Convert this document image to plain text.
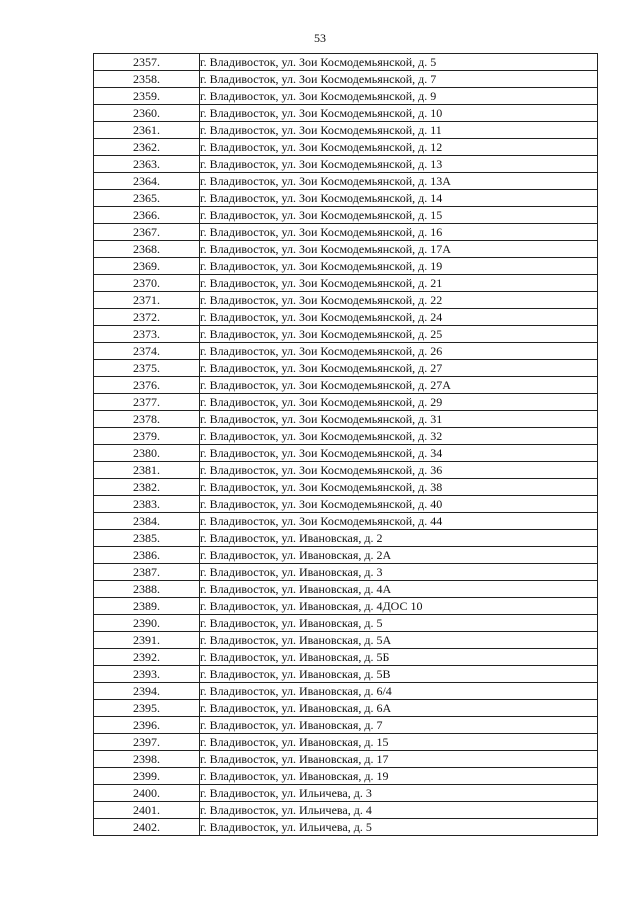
53
2357.	г. Владивосток, ул. Зои Космодемьянской, д. 5
2358.	г. Владивосток, ул. Зои Космодемьянской, д. 7
2359.	г. Владивосток, ул. Зои Космодемьянской, д. 9
2360.	г. Владивосток, ул. Зои Космодемьянской, д. 10
2361.	г. Владивосток, ул. Зои Космодемьянской, д. 11
2362.	г. Владивосток, ул. Зои Космодемьянской, д. 12
2363.	г. Владивосток, ул. Зои Космодемьянской, д. 13
2364.	г. Владивосток, ул. Зои Космодемьянской, д. 13А
2365.	г. Владивосток, ул. Зои Космодемьянской, д. 14
2366.	г. Владивосток, ул. Зои Космодемьянской, д. 15
2367.	г. Владивосток, ул. Зои Космодемьянской, д. 16
2368.	г. Владивосток, ул. Зои Космодемьянской, д. 17А
2369.	г. Владивосток, ул. Зои Космодемьянской, д. 19
2370.	г. Владивосток, ул. Зои Космодемьянской, д. 21
2371.	г. Владивосток, ул. Зои Космодемьянской, д. 22
2372.	г. Владивосток, ул. Зои Космодемьянской, д. 24
2373.	г. Владивосток, ул. Зои Космодемьянской, д. 25
2374.	г. Владивосток, ул. Зои Космодемьянской, д. 26
2375.	г. Владивосток, ул. Зои Космодемьянской, д. 27
2376.	г. Владивосток, ул. Зои Космодемьянской, д. 27А
2377.	г. Владивосток, ул. Зои Космодемьянской, д. 29
2378.	г. Владивосток, ул. Зои Космодемьянской, д. 31
2379.	г. Владивосток, ул. Зои Космодемьянской, д. 32
2380.	г. Владивосток, ул. Зои Космодемьянской, д. 34
2381.	г. Владивосток, ул. Зои Космодемьянской, д. 36
2382.	г. Владивосток, ул. Зои Космодемьянской, д. 38
2383.	г. Владивосток, ул. Зои Космодемьянской, д. 40
2384.	г. Владивосток, ул. Зои Космодемьянской, д. 44
2385.	г. Владивосток, ул. Ивановская, д. 2
2386.	г. Владивосток, ул. Ивановская, д. 2А
2387.	г. Владивосток, ул. Ивановская, д. 3
2388.	г. Владивосток, ул. Ивановская, д. 4А
2389.	г. Владивосток, ул. Ивановская, д. 4ДОС 10
2390.	г. Владивосток, ул. Ивановская, д. 5
2391.	г. Владивосток, ул. Ивановская, д. 5А
2392.	г. Владивосток, ул. Ивановская, д. 5Б
2393.	г. Владивосток, ул. Ивановская, д. 5В
2394.	г. Владивосток, ул. Ивановская, д. 6/4
2395.	г. Владивосток, ул. Ивановская, д. 6А
2396.	г. Владивосток, ул. Ивановская, д. 7
2397.	г. Владивосток, ул. Ивановская, д. 15
2398.	г. Владивосток, ул. Ивановская, д. 17
2399.	г. Владивосток, ул. Ивановская, д. 19
2400.	г. Владивосток, ул. Ильичева, д. 3
2401.	г. Владивосток, ул. Ильичева, д. 4
2402.	г. Владивосток, ул. Ильичева, д. 5
